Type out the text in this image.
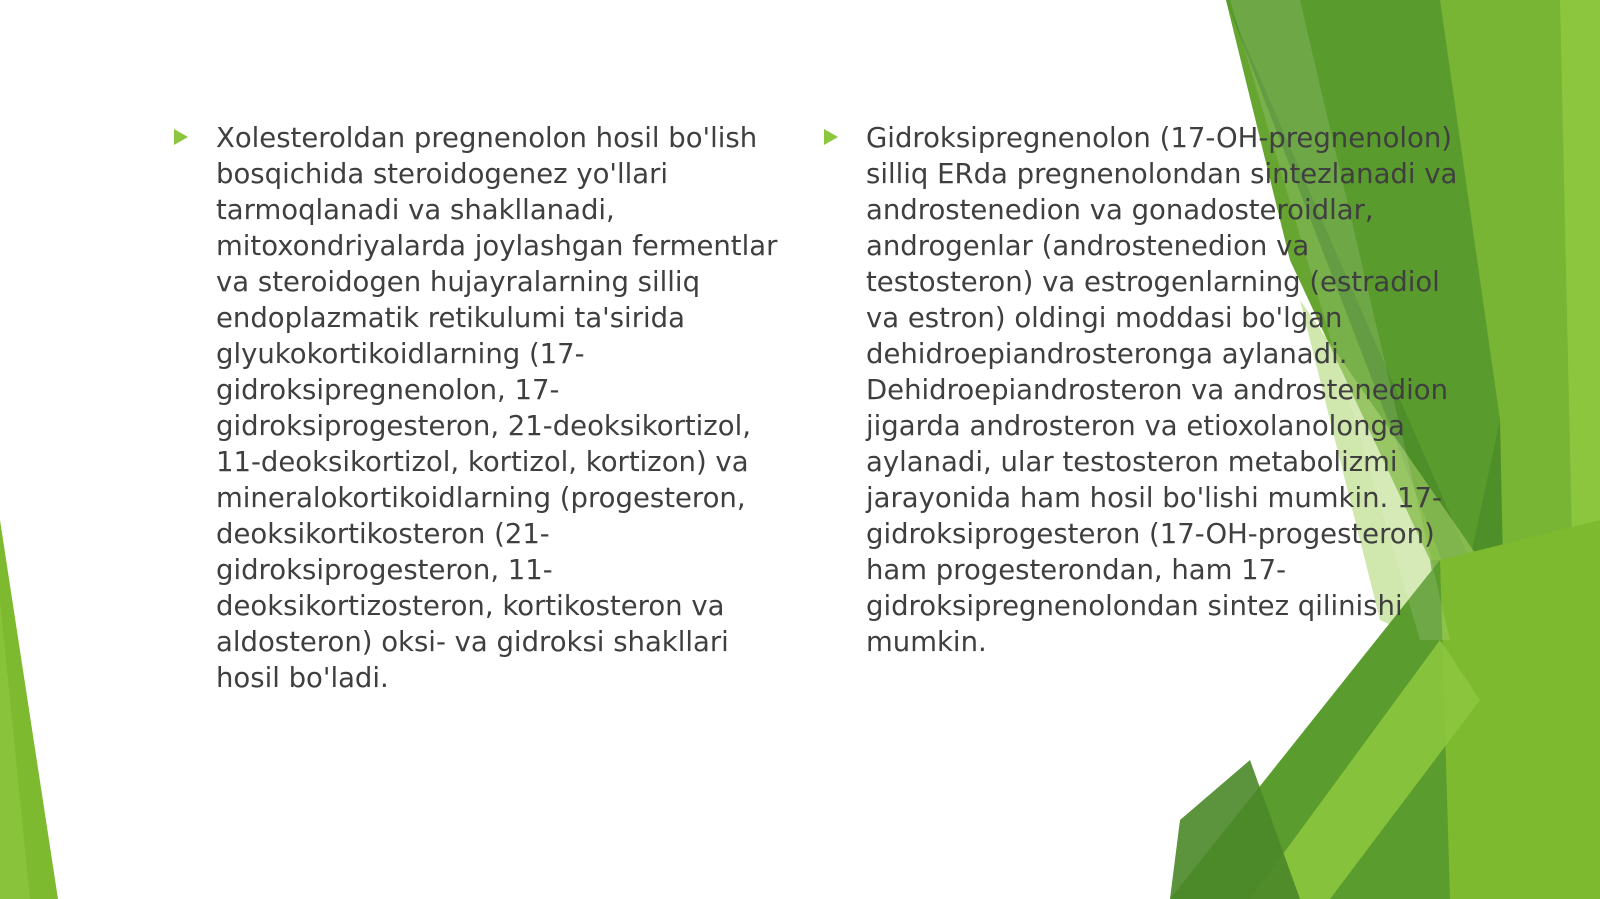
Xolesteroldan pregnenolon hosil bo'lish bosqichida steroidogenez yo'llari tarmoqlanadi va shakllanadi, mitoxondriyalarda joylashgan fermentlar va steroidogen hujayralarning silliq endoplazmatik retikulumi ta'sirida glyukokortikoidlarning (17-gidroksipregnenolon, 17-gidroksiprogesteron, 21-deoksikortizol, 11-deoksikortizol, kortizol, kortizon) va mineralokortikoidlarning (progesteron, deoksikortikosteron (21-gidroksiprogesteron, 11-deoksikortizosteron, kortikosteron va aldosteron) oksi- va gidroksi shakllari hosil bo'ladi.

Gidroksipregnenolon (17-OH-pregnenolon) silliq ERda pregnenolondan sintezlanadi va androstenedion va gonadosteroidlar, androgenlar (androstenedion va testosteron) va estrogenlarning (estradiol va estron) oldingi moddasi bo'lgan dehidroepiandrosteronga aylanadi. Dehidroepiandrosteron va androstenedion jigarda androsteron va etioxolanolonga aylanadi, ular testosteron metabolizmi jarayonida ham hosil bo'lishi mumkin. 17-gidroksiprogesteron (17-OH-progesteron) ham progesterondan, ham 17-gidroksipregnenolondan sintez qilinishi mumkin.
